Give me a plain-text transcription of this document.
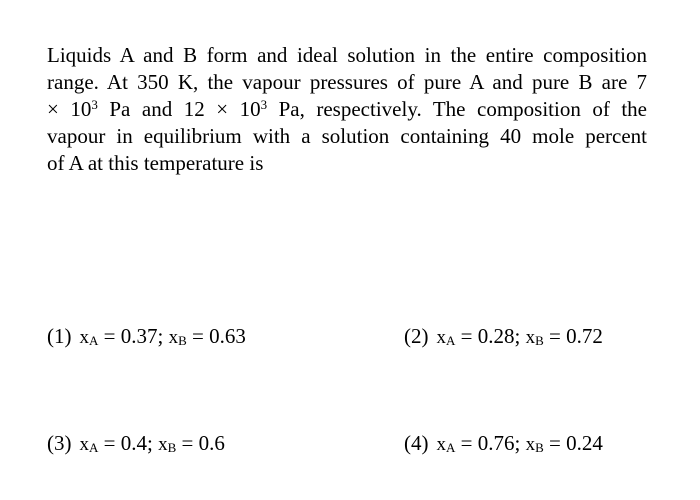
Liquids A and B form and ideal solution in the entire composition
range. At 350 K, the vapour pressures of pure A and pure B are 7
× $10^3$ Pa and $12 \times 10^3$ Pa, respectively. The composition of the
vapour in equilibrium with a solution containing 40 mole percent
of A at this temperature is
(1) xA = 0.37; xB = 0.63	(2) xA = 0.28; xB = 0.72
(3) xA = 0.4; xB = 0.6	(4) xA = 0.76; xB = 0.24
